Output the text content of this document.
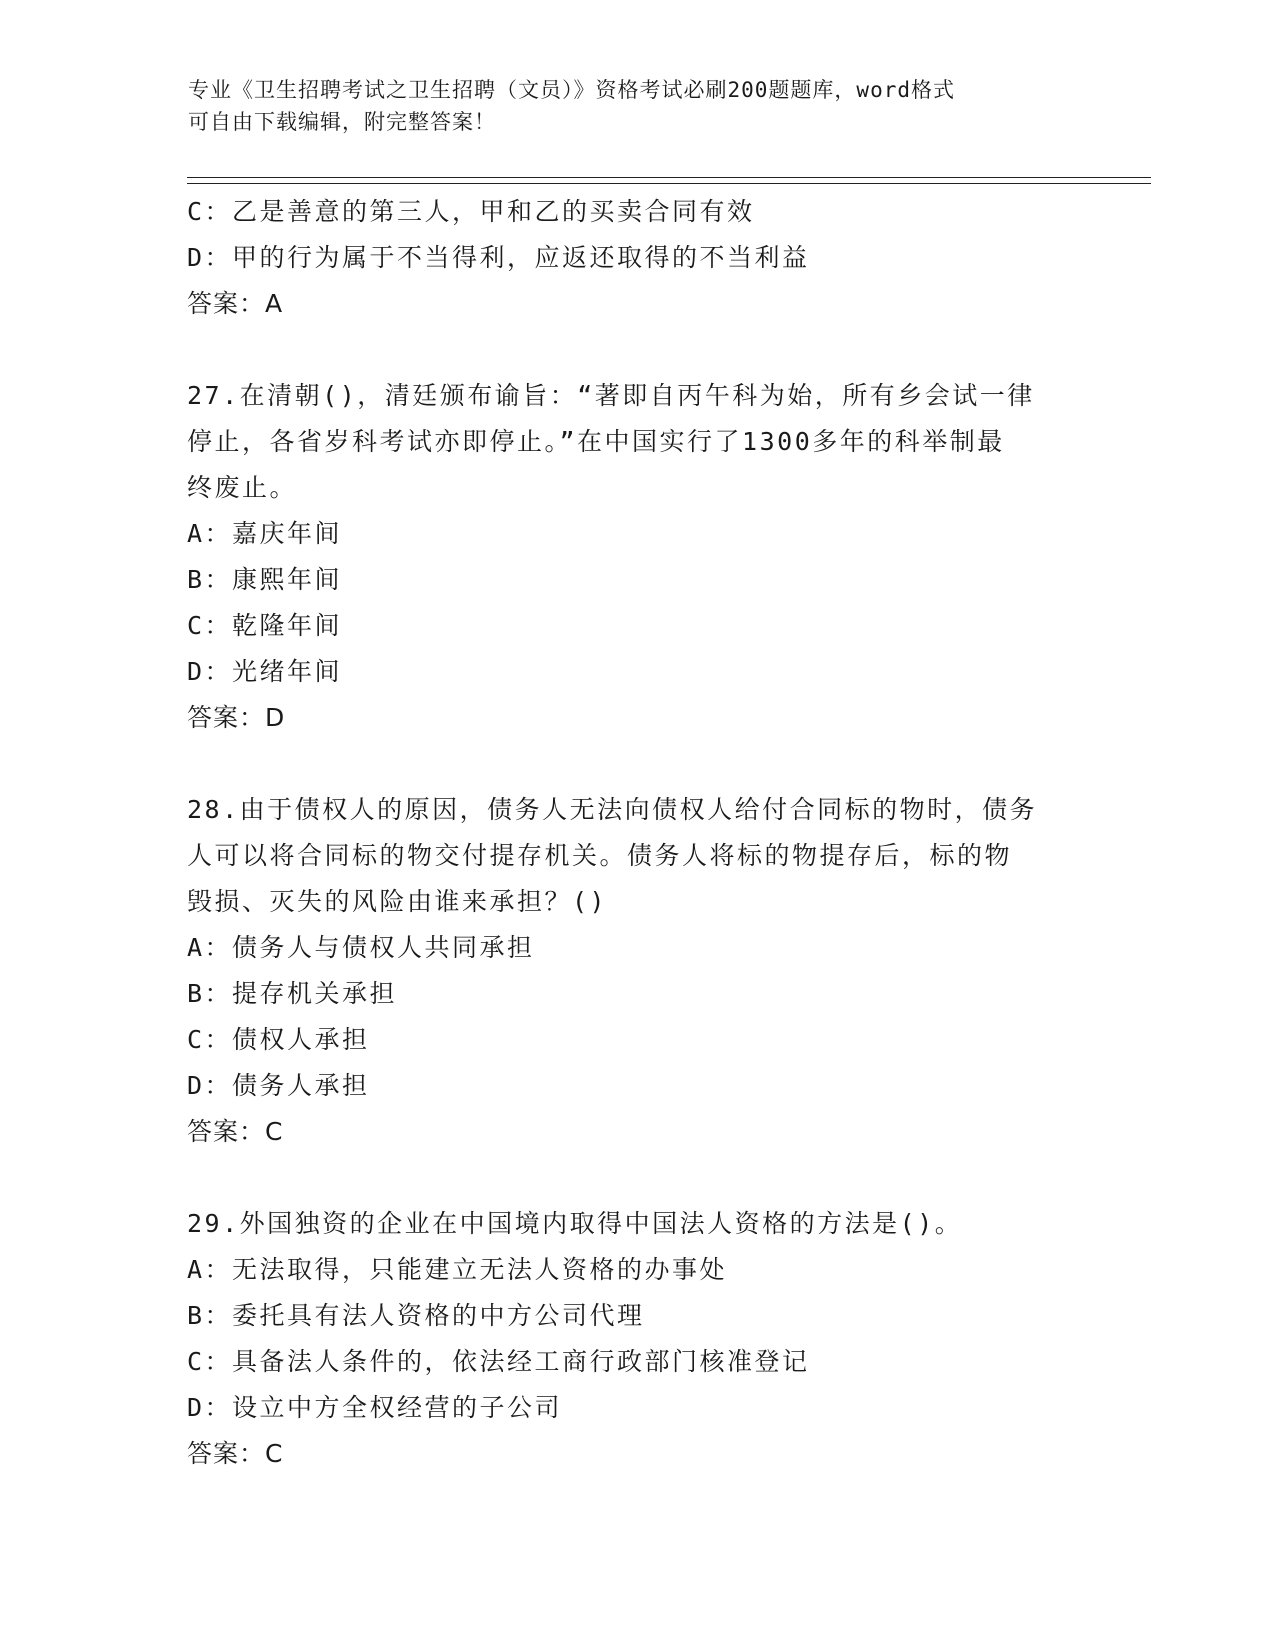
专业《卫生招聘考试之卫生招聘（文员）》资格考试必刷200题题库，word格式
可自由下载编辑，附完整答案！
C：乙是善意的第三人，甲和乙的买卖合同有效
D：甲的行为属于不当得利，应返还取得的不当利益
答案：A
27.在清朝()，清廷颁布谕旨：“著即自丙午科为始，所有乡会试一律
停止，各省岁科考试亦即停止。”在中国实行了1300多年的科举制最
终废止。
A：嘉庆年间
B：康熙年间
C：乾隆年间
D：光绪年间
答案：D
28.由于债权人的原因，债务人无法向债权人给付合同标的物时，债务
人可以将合同标的物交付提存机关。债务人将标的物提存后，标的物
毁损、灭失的风险由谁来承担？()
A：债务人与债权人共同承担
B：提存机关承担
C：债权人承担
D：债务人承担
答案：C
29.外国独资的企业在中国境内取得中国法人资格的方法是()。
A：无法取得，只能建立无法人资格的办事处
B：委托具有法人资格的中方公司代理
C：具备法人条件的，依法经工商行政部门核准登记
D：设立中方全权经营的子公司
答案：C
